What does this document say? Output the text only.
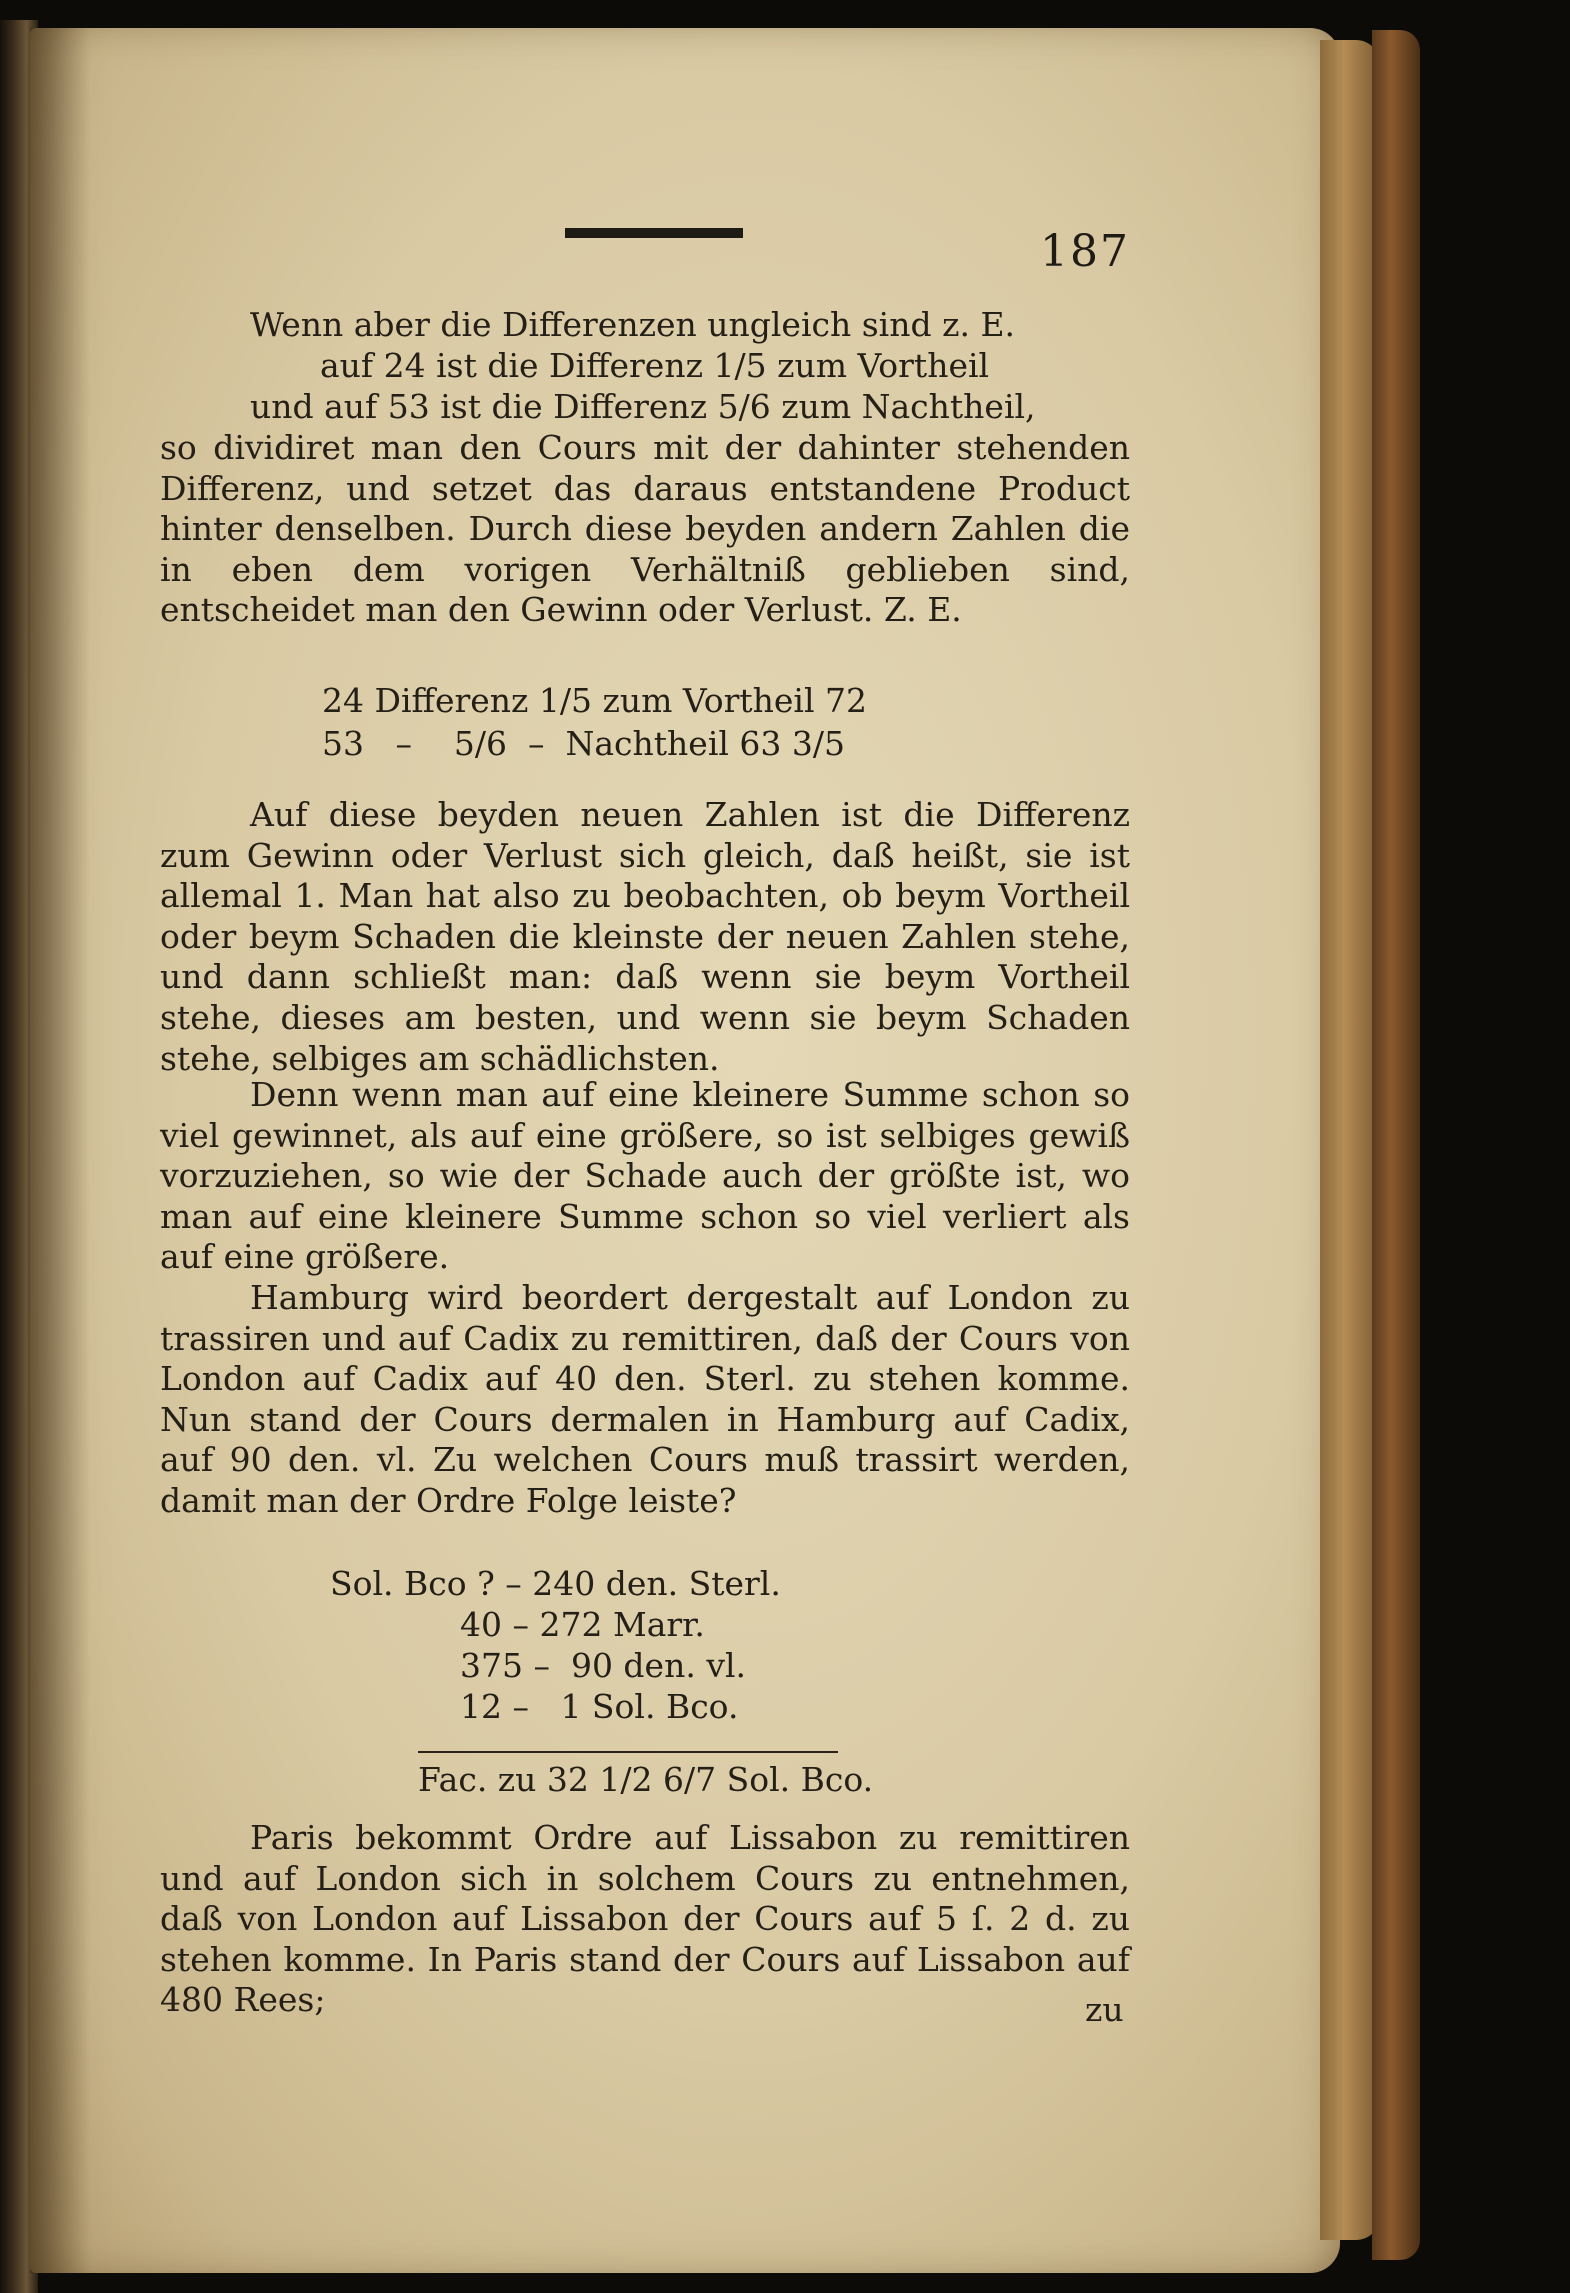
187
Wenn aber die Differenzen ungleich sind z. E.
auf 24 ist die Differenz 1/5 zum Vortheil
und auf 53 ist die Differenz 5/6 zum Nachtheil,
so dividiret man den Cours mit der dahinter stehenden Differenz, und setzet das daraus entstandene Product hinter denselben. Durch diese beyden andern Zahlen die in eben dem vorigen Verhältniß geblieben sind, entscheidet man den Gewinn oder Verlust. Z. E.
24 Differenz 1/5 zum Vortheil 72
53   –    5/6  –  Nachtheil 63 3/5
Auf diese beyden neuen Zahlen ist die Differenz zum Gewinn oder Verlust sich gleich, daß heißt, sie ist allemal 1. Man hat also zu beobachten, ob beym Vortheil oder beym Schaden die kleinste der neuen Zahlen stehe, und dann schließt man: daß wenn sie beym Vortheil stehe, dieses am besten, und wenn sie beym Schaden stehe, selbiges am schädlichsten.
Denn wenn man auf eine kleinere Summe schon so viel gewinnet, als auf eine größere, so ist selbiges gewiß vorzuziehen, so wie der Schade auch der größte ist, wo man auf eine kleinere Summe schon so viel verliert als auf eine größere.
Hamburg wird beordert dergestalt auf London zu trassiren und auf Cadix zu remittiren, daß der Cours von London auf Cadix auf 40 den. Sterl. zu stehen komme. Nun stand der Cours dermalen in Hamburg auf Cadix, auf 90 den. vl. Zu welchen Cours muß trassirt werden, damit man der Ordre Folge leiste?
Sol. Bco ? – 240 den. Sterl.
40 – 272 Marr.
375 –  90 den. vl.
12 –   1 Sol. Bco.
Fac. zu 32 1/2 6/7 Sol. Bco.
Paris bekommt Ordre auf Lissabon zu remittiren und auf London sich in solchem Cours zu entnehmen, daß von London auf Lissabon der Cours auf 5 ſ. 2 d. zu stehen komme. In Paris stand der Cours auf Lissabon auf 480 Rees;	zu
